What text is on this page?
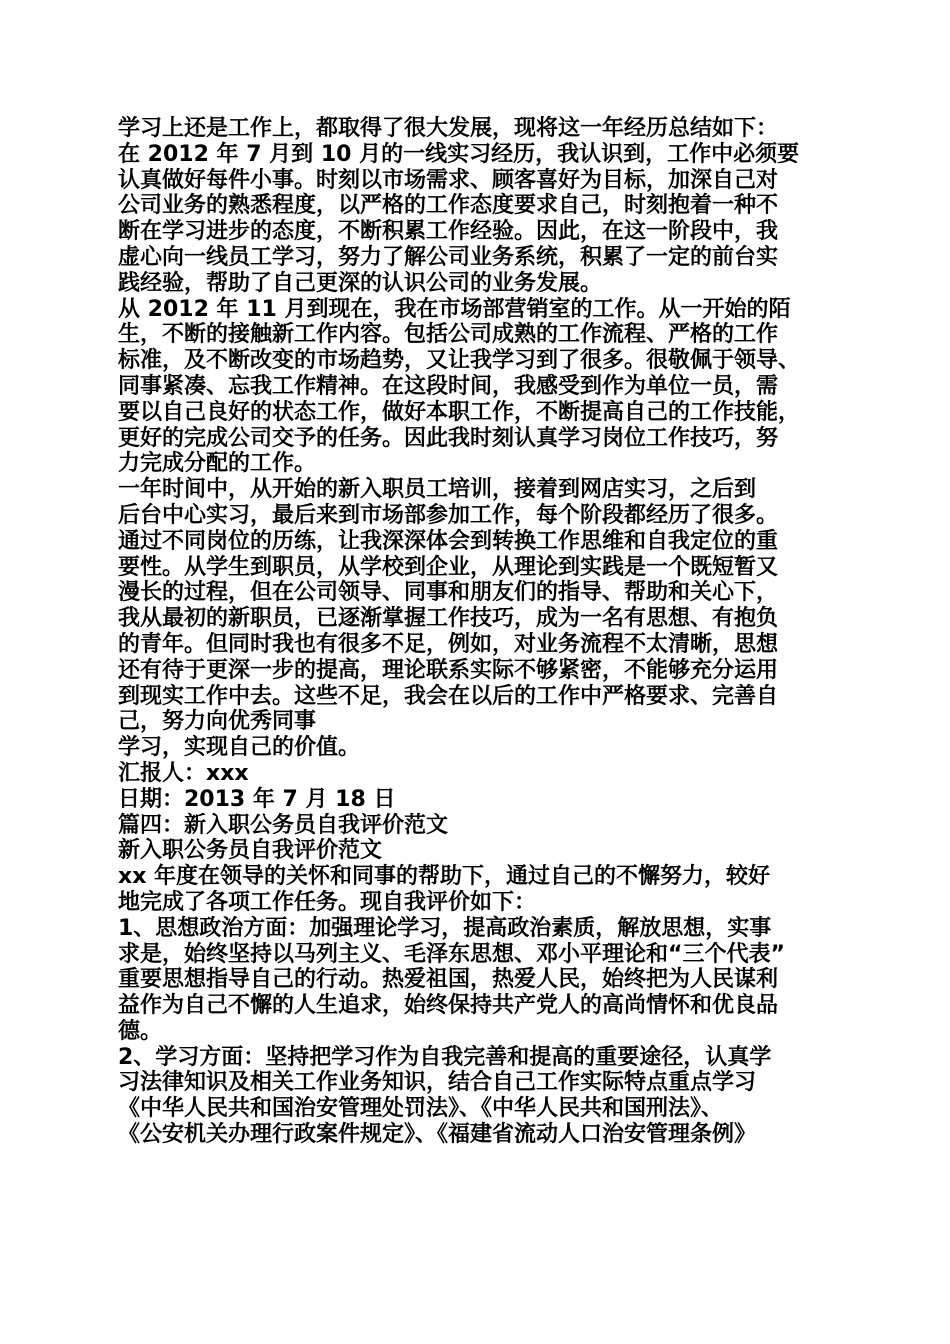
学习上还是工作上，都取得了很大发展，现将这一年经历总结如下：
在 2012 年 7 月到 10 月的一线实习经历，我认识到，工作中必须要
认真做好每件小事。时刻以市场需求、顾客喜好为目标，加深自己对
公司业务的熟悉程度，以严格的工作态度要求自己，时刻抱着一种不
断在学习进步的态度，不断积累工作经验。因此，在这一阶段中，我
虚心向一线员工学习，努力了解公司业务系统，积累了一定的前台实
践经验，帮助了自己更深的认识公司的业务发展。
从 2012 年 11 月到现在，我在市场部营销室的工作。从一开始的陌
生，不断的接触新工作内容。包括公司成熟的工作流程、严格的工作
标准，及不断改变的市场趋势，又让我学习到了很多。很敬佩于领导、
同事紧凑、忘我工作精神。在这段时间，我感受到作为单位一员，需
要以自己良好的状态工作，做好本职工作，不断提高自己的工作技能，
更好的完成公司交予的任务。因此我时刻认真学习岗位工作技巧，努
力完成分配的工作。
一年时间中，从开始的新入职员工培训，接着到网店实习，之后到
后台中心实习，最后来到市场部参加工作，每个阶段都经历了很多。
通过不同岗位的历练，让我深深体会到转换工作思维和自我定位的重
要性。从学生到职员，从学校到企业，从理论到实践是一个既短暂又
漫长的过程，但在公司领导、同事和朋友们的指导、帮助和关心下，
我从最初的新职员，已逐渐掌握工作技巧，成为一名有思想、有抱负
的青年。但同时我也有很多不足，例如，对业务流程不太清晰，思想
还有待于更深一步的提高，理论联系实际不够紧密，不能够充分运用
到现实工作中去。这些不足，我会在以后的工作中严格要求、完善自
己，努力向优秀同事
学习，实现自己的价值。
汇报人：xxx
日期：2013 年 7 月 18 日
篇四：新入职公务员自我评价范文
新入职公务员自我评价范文
xx 年度在领导的关怀和同事的帮助下，通过自己的不懈努力，较好
地完成了各项工作任务。现自我评价如下：
1、思想政治方面：加强理论学习，提高政治素质，解放思想，实事
求是，始终坚持以马列主义、毛泽东思想、邓小平理论和“三个代表”
重要思想指导自己的行动。热爱祖国，热爱人民，始终把为人民谋利
益作为自己不懈的人生追求，始终保持共产党人的高尚情怀和优良品
德。
2、学习方面：坚持把学习作为自我完善和提高的重要途径，认真学
习法律知识及相关工作业务知识，结合自己工作实际特点重点学习
《中华人民共和国治安管理处罚法》、《中华人民共和国刑法》、
《公安机关办理行政案件规定》、《福建省流动人口治安管理条例》
